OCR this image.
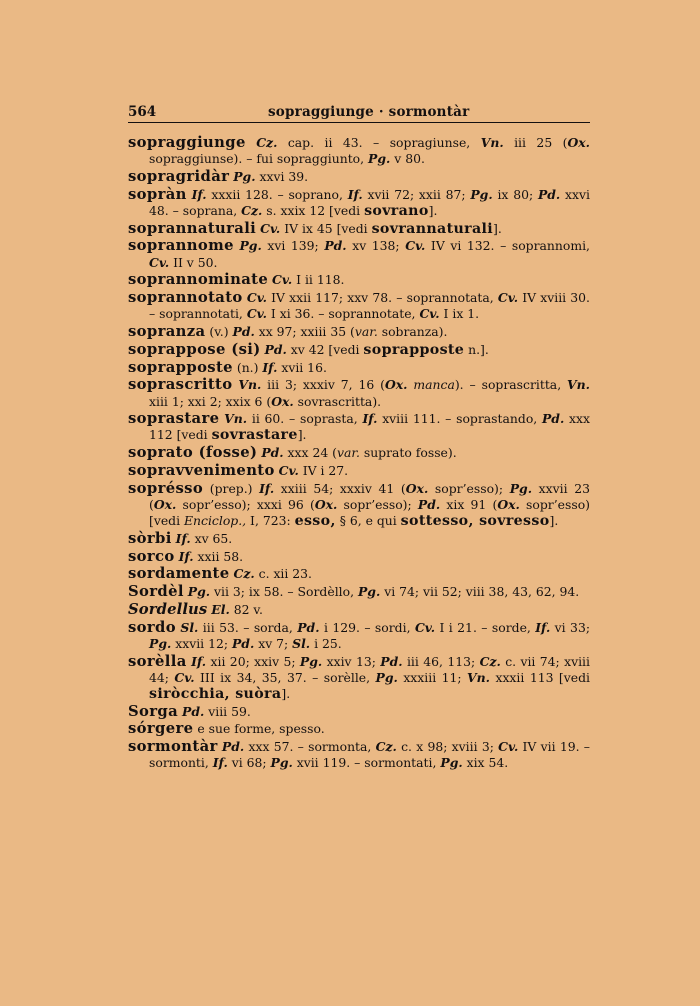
564	sopraggiunge · sormontàr
sopraggiunge Cz. cap. ii 43. – sopragiunse, Vn. iii 25 (Ox. sopraggiunse). – fui sopraggiunto, Pg. v 80.
sopragridàr Pg. xxvi 39.
sopràn If. xxxii 128. – soprano, If. xvii 72; xxii 87; Pg. ix 80; Pd. xxvi 48. – soprana, Cz. s. xxix 12 [vedi sovrano].
soprannaturali Cv. IV ix 45 [vedi sovrannaturali].
soprannome Pg. xvi 139; Pd. xv 138; Cv. IV vi 132. – soprannomi, Cv. II v 50.
soprannominate Cv. I ii 118.
soprannotato Cv. IV xxii 117; xxv 78. – soprannotata, Cv. IV xviii 30. – soprannotati, Cv. I xi 36. – soprannotate, Cv. I ix 1.
sopranza (v.) Pd. xx 97; xxiii 35 (var. sobranza).
soprappose (si) Pd. xv 42 [vedi soprapposte n.].
soprapposte (n.) If. xvii 16.
soprascritto Vn. iii 3; xxxiv 7, 16 (Ox. manca). – soprascritta, Vn. xiii 1; xxi 2; xxix 6 (Ox. sovrascritta).
soprastare Vn. ii 60. – soprasta, If. xviii 111. – soprastando, Pd. xxx 112 [vedi sovrastare].
soprato (fosse) Pd. xxx 24 (var. suprato fosse).
sopravvenimento Cv. IV i 27.
soprésso (prep.) If. xxiii 54; xxxiv 41 (Ox. sopr’esso); Pg. xxvii 23 (Ox. sopr’esso); xxxi 96 (Ox. sopr’esso); Pd. xix 91 (Ox. sopr’esso) [vedi Enciclop., I, 723: esso, § 6, e qui sottesso, sovresso].
sòrbi If. xv 65.
sorco If. xxii 58.
sordamente Cz. c. xii 23.
Sordèl Pg. vii 3; ix 58. – Sordèllo, Pg. vi 74; vii 52; viii 38, 43, 62, 94.
Sordellus El. 82 v.
sordo Sl. iii 53. – sorda, Pd. i 129. – sordi, Cv. I i 21. – sorde, If. vi 33; Pg. xxvii 12; Pd. xv 7; Sl. i 25.
sorèlla If. xii 20; xxiv 5; Pg. xxiv 13; Pd. iii 46, 113; Cz. c. vii 74; xviii 44; Cv. III ix 34, 35, 37. – sorèlle, Pg. xxxiii 11; Vn. xxxii 113 [vedi siròcchia, suòra].
Sorga Pd. viii 59.
sórgere e sue forme, spesso.
sormontàr Pd. xxx 57. – sormonta, Cz. c. x 98; xviii 3; Cv. IV vii 19. – sormonti, If. vi 68; Pg. xvii 119. – sormontati, Pg. xix 54.
